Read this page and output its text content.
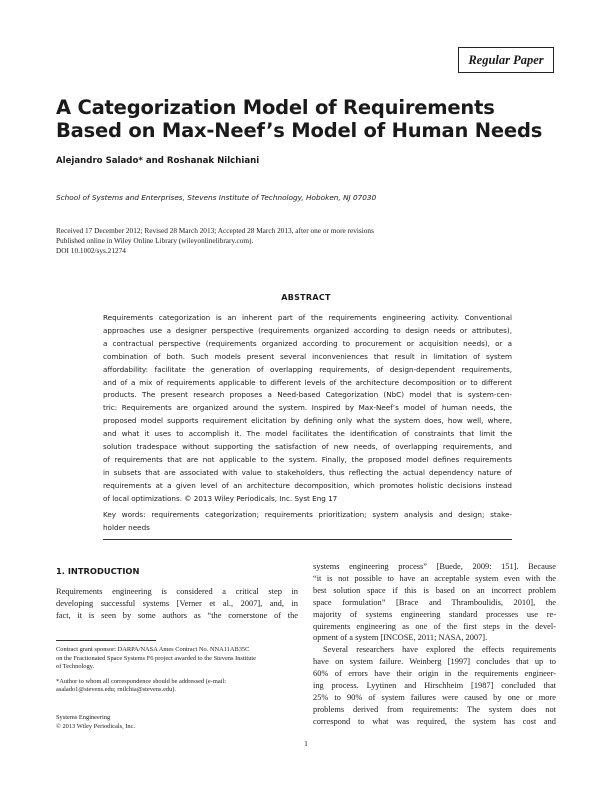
Regular Paper
A Categorization Model of Requirements
Based on Max-Neef’s Model of Human Needs
Alejandro Salado* and Roshanak Nilchiani
School of Systems and Enterprises, Stevens Institute of Technology, Hoboken, NJ 07030
Received 17 December 2012; Revised 28 March 2013; Accepted 28 March 2013, after one or more revisions
Published online in Wiley Online Library (wileyonlinelibrary.com).
DOI 10.1002/sys.21274
ABSTRACT
Requirements categorization is an inherent part of the requirements engineering activity. Conventional
approaches use a designer perspective (requirements organized according to design needs or attributes),
a contractual perspective (requirements organized according to procurement or acquisition needs), or a
combination of both. Such models present several inconveniences that result in limitation of system
affordability: facilitate the generation of overlapping requirements, of design-dependent requirements,
and of a mix of requirements applicable to different levels of the architecture decomposition or to different
products. The present research proposes a Need-based Categorization (NbC) model that is system-cen-
tric: Requirements are organized around the system. Inspired by Max-Neef’s model of human needs, the
proposed model supports requirement elicitation by defining only what the system does, how well, where,
and what it uses to accomplish it. The model facilitates the identification of constraints that limit the
solution tradespace without supporting the satisfaction of new needs, of overlapping requirements, and
of requirements that are not applicable to the system. Finally, the proposed model defines requirements
in subsets that are associated with value to stakeholders, thus reflecting the actual dependency nature of
requirements at a given level of an architecture decomposition, which promotes holistic decisions instead
of local optimizations. © 2013 Wiley Periodicals, Inc. Syst Eng 17
Key words: requirements categorization; requirements prioritization; system analysis and design; stake-
holder needs
1. INTRODUCTION
Requirements engineering is considered a critical step in
developing successful systems [Verner et al., 2007], and, in
fact, it is seen by some authors as “the cornerstone of the
systems engineering process” [Buede, 2009: 151]. Because
“it is not possible to have an acceptable system even with the
best solution space if this is based on an incorrect problem
space formulation” [Brace and Thramboulidis, 2010], the
majority of systems engineering standard processes use re-
quirements engineering as one of the first steps in the devel-
opment of a system [INCOSE, 2011; NASA, 2007].
Several researchers have explored the effects requirements
have on system failure. Weinberg [1997] concludes that up to
60% of errors have their origin in the requirements engineer-
ing process. Lyytinen and Hirschheim [1987] concluded that
25% to 90% of system failures were caused by one or more
problems derived from requirements: The system does not
correspond to what was required, the system has cost and

Contract grant sponsor: DARPA/NASA Ames Contract No. NNA11AB35C
on the Fractionated Space Systems F6 project awarded to the Stevens Institute
of Technology.

*Author to whom all correspondence should be addressed (e-mail:
asalado1@stevens.edu; rnilchia@stevens.edu).

Systems Engineering
© 2013 Wiley Periodicals, Inc.
1
